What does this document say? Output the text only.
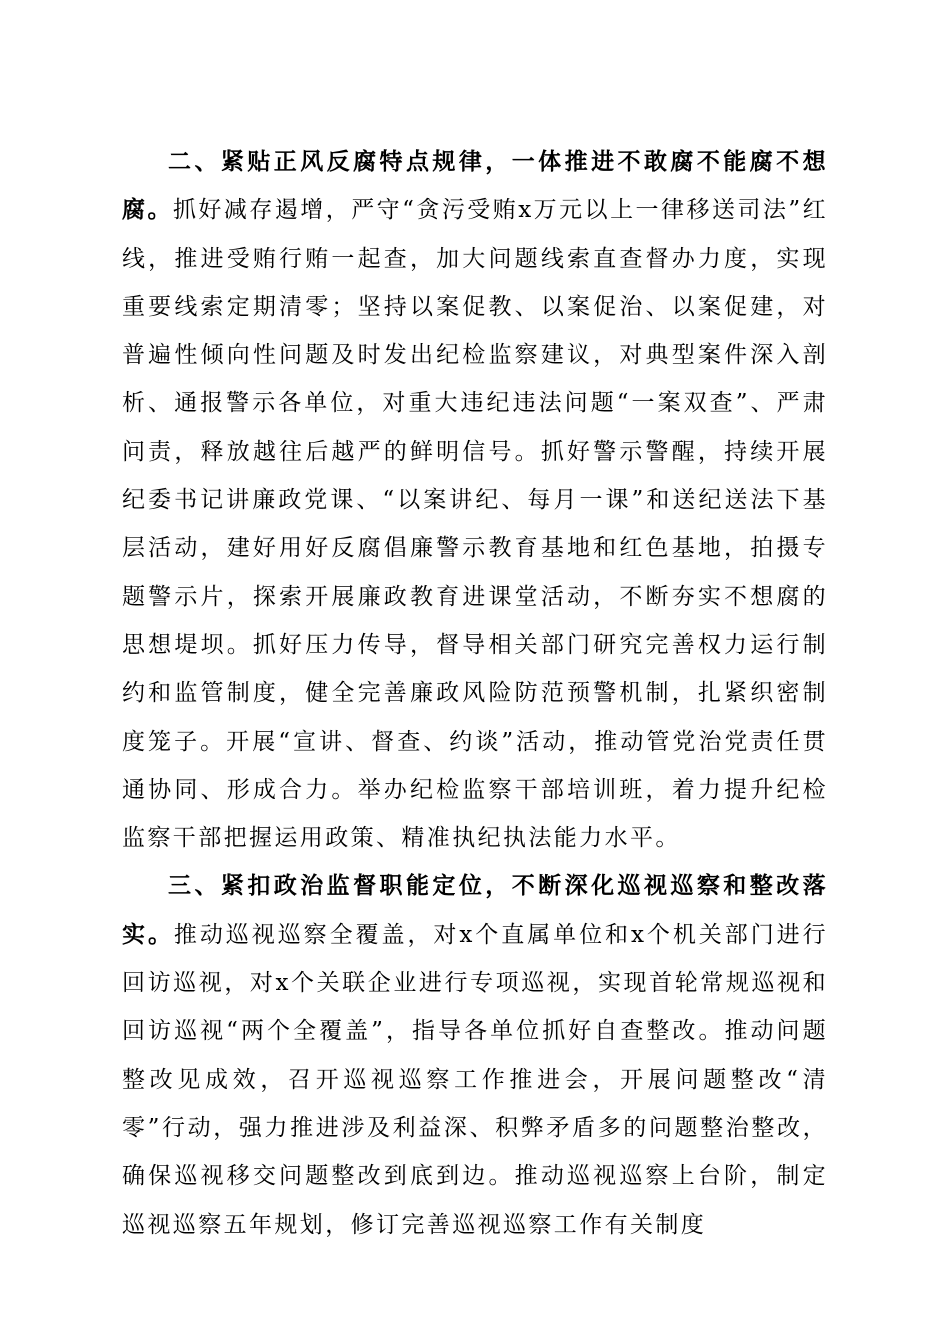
二、紧贴正风反腐特点规律，一体推进不敢腐不能腐不想腐。抓好减存遏增，严守“贪污受贿x万元以上一律移送司法”红线，推进受贿行贿一起查，加大问题线索直查督办力度，实现重要线索定期清零；坚持以案促教、以案促治、以案促建，对普遍性倾向性问题及时发出纪检监察建议，对典型案件深入剖析、通报警示各单位，对重大违纪违法问题“一案双查”、严肃问责，释放越往后越严的鲜明信号。抓好警示警醒，持续开展纪委书记讲廉政党课、“以案讲纪、每月一课”和送纪送法下基层活动，建好用好反腐倡廉警示教育基地和红色基地，拍摄专题警示片，探索开展廉政教育进课堂活动，不断夯实不想腐的思想堤坝。抓好压力传导，督导相关部门研究完善权力运行制约和监管制度，健全完善廉政风险防范预警机制，扎紧织密制度笼子。开展“宣讲、督查、约谈”活动，推动管党治党责任贯通协同、形成合力。举办纪检监察干部培训班，着力提升纪检监察干部把握运用政策、精准执纪执法能力水平。

三、紧扣政治监督职能定位，不断深化巡视巡察和整改落实。推动巡视巡察全覆盖，对x个直属单位和x个机关部门进行回访巡视，对x个关联企业进行专项巡视，实现首轮常规巡视和回访巡视“两个全覆盖”，指导各单位抓好自查整改。推动问题整改见成效，召开巡视巡察工作推进会，开展问题整改“清零”行动，强力推进涉及利益深、积弊矛盾多的问题整治整改，确保巡视移交问题整改到底到边。推动巡视巡察上台阶，制定巡视巡察五年规划，修订完善巡视巡察工作有关制度
